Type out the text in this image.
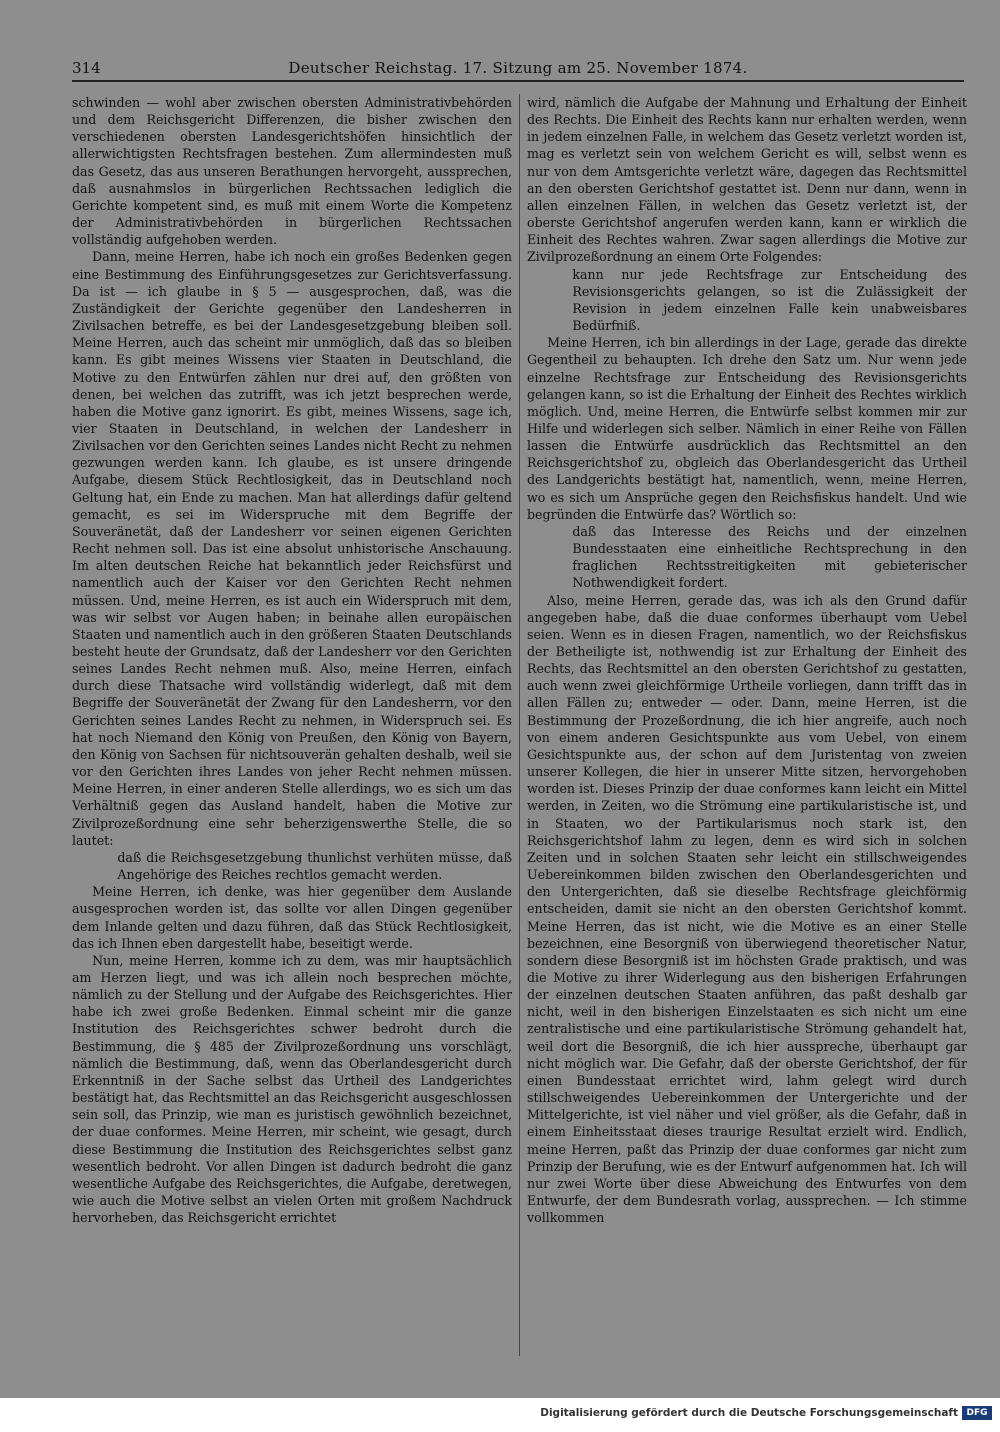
314	Deutscher Reichstag. 17. Sitzung am 25. November 1874.

schwinden — wohl aber zwischen obersten Administrativbehörden und dem Reichsgericht Differenzen, die bisher zwischen den verschiedenen obersten Landesgerichtshöfen hinsichtlich der allerwichtigsten Rechtsfragen bestehen. Zum allermindesten muß das Gesetz, das aus unseren Berathungen hervorgeht, aussprechen, daß ausnahmslos in bürgerlichen Rechtssachen lediglich die Gerichte kompetent sind, es muß mit einem Worte die Kompetenz der Administrativbehörden in bürgerlichen Rechtssachen vollständig aufgehoben werden.

Dann, meine Herren, habe ich noch ein großes Bedenken gegen eine Bestimmung des Einführungsgesetzes zur Gerichtsverfassung. Da ist — ich glaube in § 5 — ausgesprochen, daß, was die Zuständigkeit der Gerichte gegenüber den Landesherren in Zivilsachen betreffe, es bei der Landesgesetzgebung bleiben soll. Meine Herren, auch das scheint mir unmöglich, daß das so bleiben kann. Es gibt meines Wissens vier Staaten in Deutschland, die Motive zu den Entwürfen zählen nur drei auf, den größten von denen, bei welchen das zutrifft, was ich jetzt besprechen werde, haben die Motive ganz ignorirt. Es gibt, meines Wissens, sage ich, vier Staaten in Deutschland, in welchen der Landesherr in Zivilsachen vor den Gerichten seines Landes nicht Recht zu nehmen gezwungen werden kann. Ich glaube, es ist unsere dringende Aufgabe, diesem Stück Rechtlosigkeit, das in Deutschland noch Geltung hat, ein Ende zu machen. Man hat allerdings dafür geltend gemacht, es sei im Widerspruche mit dem Begriffe der Souveränetät, daß der Landesherr vor seinen eigenen Gerichten Recht nehmen soll. Das ist eine absolut unhistorische Anschauung. Im alten deutschen Reiche hat bekanntlich jeder Reichsfürst und namentlich auch der Kaiser vor den Gerichten Recht nehmen müssen. Und, meine Herren, es ist auch ein Widerspruch mit dem, was wir selbst vor Augen haben; in beinahe allen europäischen Staaten und namentlich auch in den größeren Staaten Deutschlands besteht heute der Grundsatz, daß der Landesherr vor den Gerichten seines Landes Recht nehmen muß. Also, meine Herren, einfach durch diese Thatsache wird vollständig widerlegt, daß mit dem Begriffe der Souveränetät der Zwang für den Landesherrn, vor den Gerichten seines Landes Recht zu nehmen, in Widerspruch sei. Es hat noch Niemand den König von Preußen, den König von Bayern, den König von Sachsen für nichtsouverän gehalten deshalb, weil sie vor den Gerichten ihres Landes von jeher Recht nehmen müssen. Meine Herren, in einer anderen Stelle allerdings, wo es sich um das Verhältniß gegen das Ausland handelt, haben die Motive zur Zivilprozeßordnung eine sehr beherzigenswerthe Stelle, die so lautet:

daß die Reichsgesetzgebung thunlichst verhüten müsse, daß Angehörige des Reiches rechtlos gemacht werden.

Meine Herren, ich denke, was hier gegenüber dem Auslande ausgesprochen worden ist, das sollte vor allen Dingen gegenüber dem Inlande gelten und dazu führen, daß das Stück Rechtlosigkeit, das ich Ihnen eben dargestellt habe, beseitigt werde.

Nun, meine Herren, komme ich zu dem, was mir hauptsächlich am Herzen liegt, und was ich allein noch besprechen möchte, nämlich zu der Stellung und der Aufgabe des Reichsgerichtes. Hier habe ich zwei große Bedenken. Einmal scheint mir die ganze Institution des Reichsgerichtes schwer bedroht durch die Bestimmung, die § 485 der Zivilprozeßordnung uns vorschlägt, nämlich die Bestimmung, daß, wenn das Oberlandesgericht durch Erkenntniß in der Sache selbst das Urtheil des Landgerichtes bestätigt hat, das Rechtsmittel an das Reichsgericht ausgeschlossen sein soll, das Prinzip, wie man es juristisch gewöhnlich bezeichnet, der duae conformes. Meine Herren, mir scheint, wie gesagt, durch diese Bestimmung die Institution des Reichsgerichtes selbst ganz wesentlich bedroht. Vor allen Dingen ist dadurch bedroht die ganz wesentliche Aufgabe des Reichsgerichtes, die Aufgabe, deretwegen, wie auch die Motive selbst an vielen Orten mit großem Nachdruck hervorheben, das Reichsgericht errichtet

wird, nämlich die Aufgabe der Mahnung und Erhaltung der Einheit des Rechts. Die Einheit des Rechts kann nur erhalten werden, wenn in jedem einzelnen Falle, in welchem das Gesetz verletzt worden ist, mag es verletzt sein von welchem Gericht es will, selbst wenn es nur von dem Amtsgerichte verletzt wäre, dagegen das Rechtsmittel an den obersten Gerichtshof gestattet ist. Denn nur dann, wenn in allen einzelnen Fällen, in welchen das Gesetz verletzt ist, der oberste Gerichtshof angerufen werden kann, kann er wirklich die Einheit des Rechtes wahren. Zwar sagen allerdings die Motive zur Zivilprozeßordnung an einem Orte Folgendes:

kann nur jede Rechtsfrage zur Entscheidung des Revisionsgerichts gelangen, so ist die Zulässigkeit der Revision in jedem einzelnen Falle kein unabweisbares Bedürfniß.

Meine Herren, ich bin allerdings in der Lage, gerade das direkte Gegentheil zu behaupten. Ich drehe den Satz um. Nur wenn jede einzelne Rechtsfrage zur Entscheidung des Revisionsgerichts gelangen kann, so ist die Erhaltung der Einheit des Rechtes wirklich möglich. Und, meine Herren, die Entwürfe selbst kommen mir zur Hilfe und widerlegen sich selber. Nämlich in einer Reihe von Fällen lassen die Entwürfe ausdrücklich das Rechtsmittel an den Reichsgerichtshof zu, obgleich das Oberlandesgericht das Urtheil des Landgerichts bestätigt hat, namentlich, wenn, meine Herren, wo es sich um Ansprüche gegen den Reichsfiskus handelt. Und wie begründen die Entwürfe das? Wörtlich so:

daß das Interesse des Reichs und der einzelnen Bundesstaaten eine einheitliche Rechtsprechung in den fraglichen Rechtsstreitigkeiten mit gebieterischer Nothwendigkeit fordert.

Also, meine Herren, gerade das, was ich als den Grund dafür angegeben habe, daß die duae conformes überhaupt vom Uebel seien. Wenn es in diesen Fragen, namentlich, wo der Reichsfiskus der Betheiligte ist, nothwendig ist zur Erhaltung der Einheit des Rechts, das Rechtsmittel an den obersten Gerichtshof zu gestatten, auch wenn zwei gleichförmige Urtheile vorliegen, dann trifft das in allen Fällen zu; entweder — oder. Dann, meine Herren, ist die Bestimmung der Prozeßordnung, die ich hier angreife, auch noch von einem anderen Gesichtspunkte aus vom Uebel, von einem Gesichtspunkte aus, der schon auf dem Juristentag von zweien unserer Kollegen, die hier in unserer Mitte sitzen, hervorgehoben worden ist. Dieses Prinzip der duae conformes kann leicht ein Mittel werden, in Zeiten, wo die Strömung eine partikularistische ist, und in Staaten, wo der Partikularismus noch stark ist, den Reichsgerichtshof lahm zu legen, denn es wird sich in solchen Zeiten und in solchen Staaten sehr leicht ein stillschweigendes Uebereinkommen bilden zwischen den Oberlandesgerichten und den Untergerichten, daß sie dieselbe Rechtsfrage gleichförmig entscheiden, damit sie nicht an den obersten Gerichtshof kommt. Meine Herren, das ist nicht, wie die Motive es an einer Stelle bezeichnen, eine Besorgniß von überwiegend theoretischer Natur, sondern diese Besorgniß ist im höchsten Grade praktisch, und was die Motive zu ihrer Widerlegung aus den bisherigen Erfahrungen der einzelnen deutschen Staaten anführen, das paßt deshalb gar nicht, weil in den bisherigen Einzelstaaten es sich nicht um eine zentralistische und eine partikularistische Strömung gehandelt hat, weil dort die Besorgniß, die ich hier ausspreche, überhaupt gar nicht möglich war. Die Gefahr, daß der oberste Gerichtshof, der für einen Bundesstaat errichtet wird, lahm gelegt wird durch stillschweigendes Uebereinkommen der Untergerichte und der Mittelgerichte, ist viel näher und viel größer, als die Gefahr, daß in einem Einheitsstaat dieses traurige Resultat erzielt wird. Endlich, meine Herren, paßt das Prinzip der duae conformes gar nicht zum Prinzip der Berufung, wie es der Entwurf aufgenommen hat. Ich will nur zwei Worte über diese Abweichung des Entwurfes von dem Entwurfe, der dem Bundesrath vorlag, aussprechen. — Ich stimme vollkommen

Digitalisierung gefördert durch die Deutsche Forschungsgemeinschaft DFG
